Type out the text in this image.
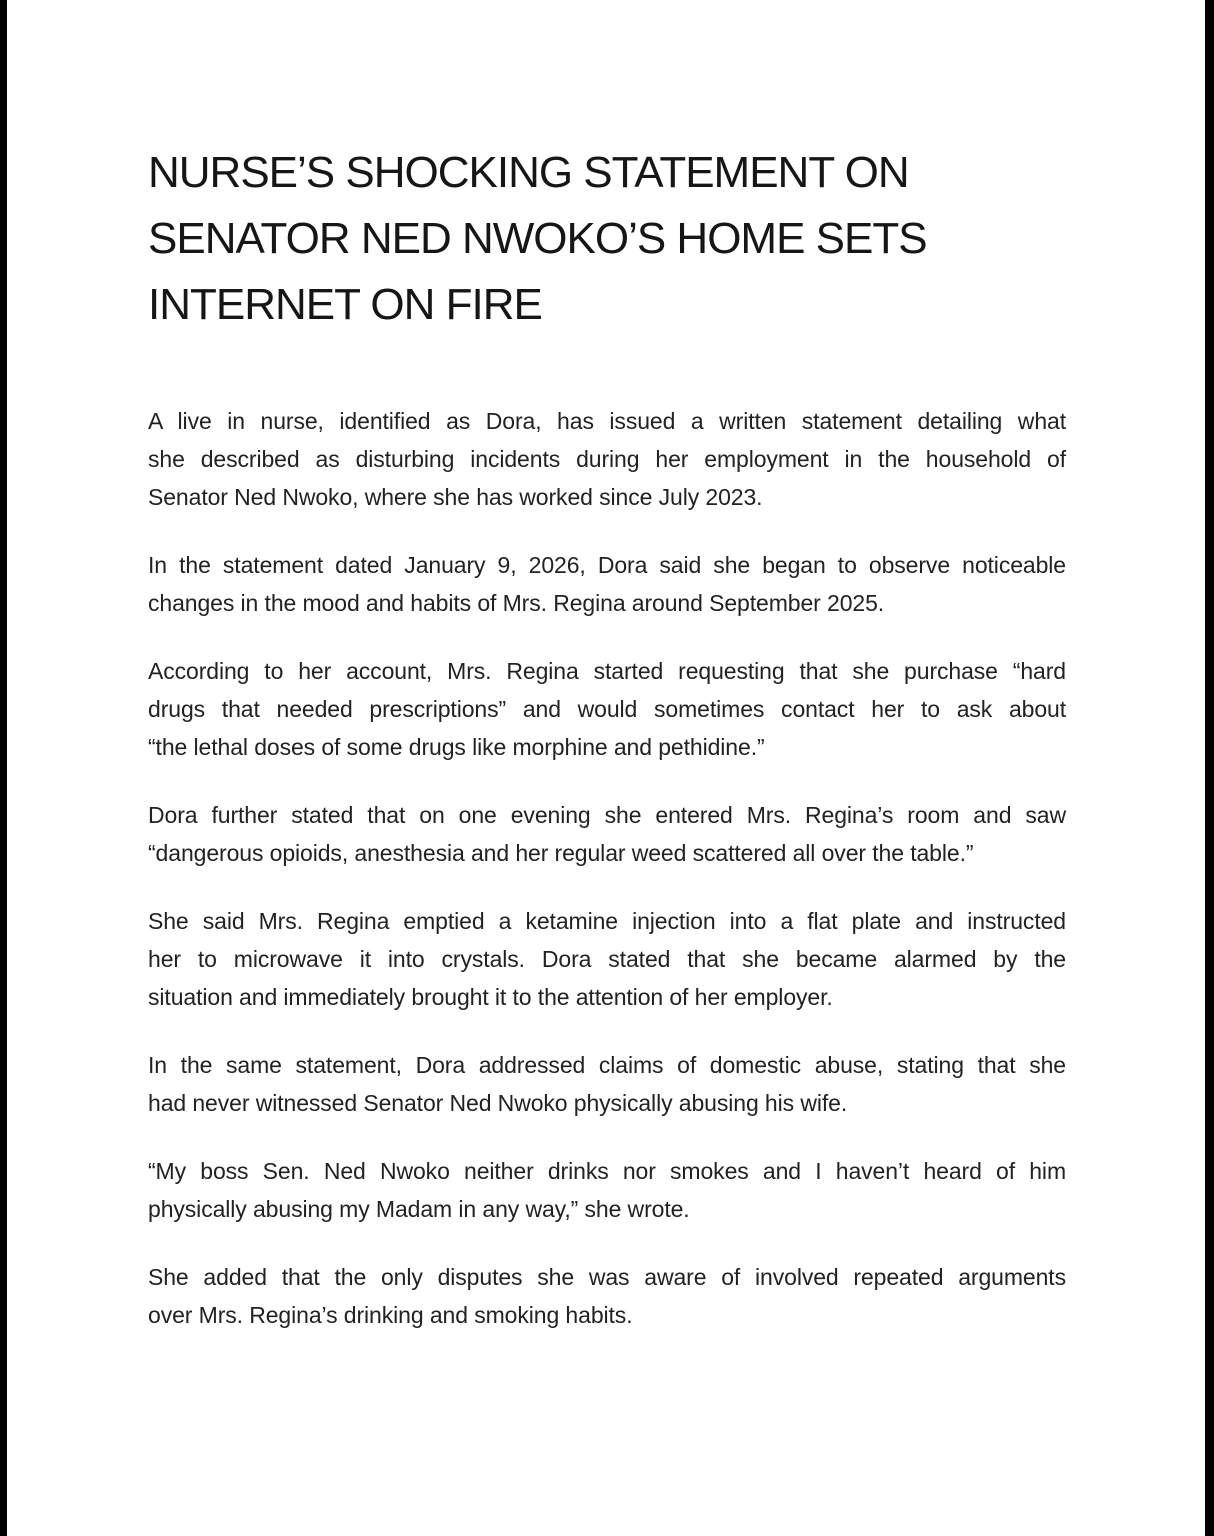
NURSE’S SHOCKING STATEMENT ON
SENATOR NED NWOKO’S HOME SETS
INTERNET ON FIRE
A live in nurse, identified as Dora, has issued a written statement detailing what
she described as disturbing incidents during her employment in the household of
Senator Ned Nwoko, where she has worked since July 2023.
In the statement dated January 9, 2026, Dora said she began to observe noticeable
changes in the mood and habits of Mrs. Regina around September 2025.
According to her account, Mrs. Regina started requesting that she purchase “hard
drugs that needed prescriptions” and would sometimes contact her to ask about
“the lethal doses of some drugs like morphine and pethidine.”
Dora further stated that on one evening she entered Mrs. Regina’s room and saw
“dangerous opioids, anesthesia and her regular weed scattered all over the table.”
She said Mrs. Regina emptied a ketamine injection into a flat plate and instructed
her to microwave it into crystals. Dora stated that she became alarmed by the
situation and immediately brought it to the attention of her employer.
In the same statement, Dora addressed claims of domestic abuse, stating that she
had never witnessed Senator Ned Nwoko physically abusing his wife.
“My boss Sen. Ned Nwoko neither drinks nor smokes and I haven’t heard of him
physically abusing my Madam in any way,” she wrote.
She added that the only disputes she was aware of involved repeated arguments
over Mrs. Regina’s drinking and smoking habits.
